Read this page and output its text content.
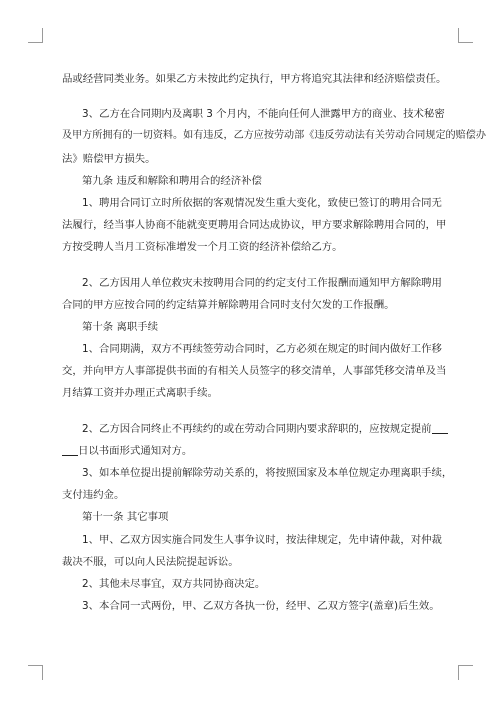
品或经营同类业务。如果乙方未按此约定执行，甲方将追究其法律和经济赔偿责任。
3、乙方在合同期内及离职 3 个月内，不能向任何人泄露甲方的商业、技术秘密
及甲方所拥有的一切资料。如有违反，乙方应按劳动部《违反劳动法有关劳动合同规定的赔偿办
法》赔偿甲方损失。
第九条 违反和解除和聘用合的经济补偿
1、聘用合同订立时所依据的客观情况发生重大变化，致使已签订的聘用合同无
法履行，经当事人协商不能就变更聘用合同达成协议，甲方要求解除聘用合同的，甲
方按受聘人当月工资标准增发一个月工资的经济补偿给乙方。
2、乙方因用人单位救灾未按聘用合同的约定支付工作报酬而通知甲方解除聘用
合同的甲方应按合同的约定结算并解除聘用合同时支付欠发的工作报酬。
第十条 离职手续
1、合同期满，双方不再续签劳动合同时，乙方必须在规定的时间内做好工作移
交，并向甲方人事部提供书面的有相关人员签字的移交清单，人事部凭移交清单及当
月结算工资并办理正式离职手续。
2、乙方因合同终止不再续约的或在劳动合同期内要求辞职的，应按规定提前
日以书面形式通知对方。
3、如本单位提出提前解除劳动关系的，将按照国家及本单位规定办理离职手续，
支付违约金。
第十一条 其它事项
1、甲、乙双方因实施合同发生人事争议时，按法律规定，先申请仲裁，对仲裁
裁决不服，可以向人民法院提起诉讼。
2、其他未尽事宜，双方共同协商决定。
3、本合同一式两份，甲、乙双方各执一份，经甲、乙双方签字(盖章)后生效。
